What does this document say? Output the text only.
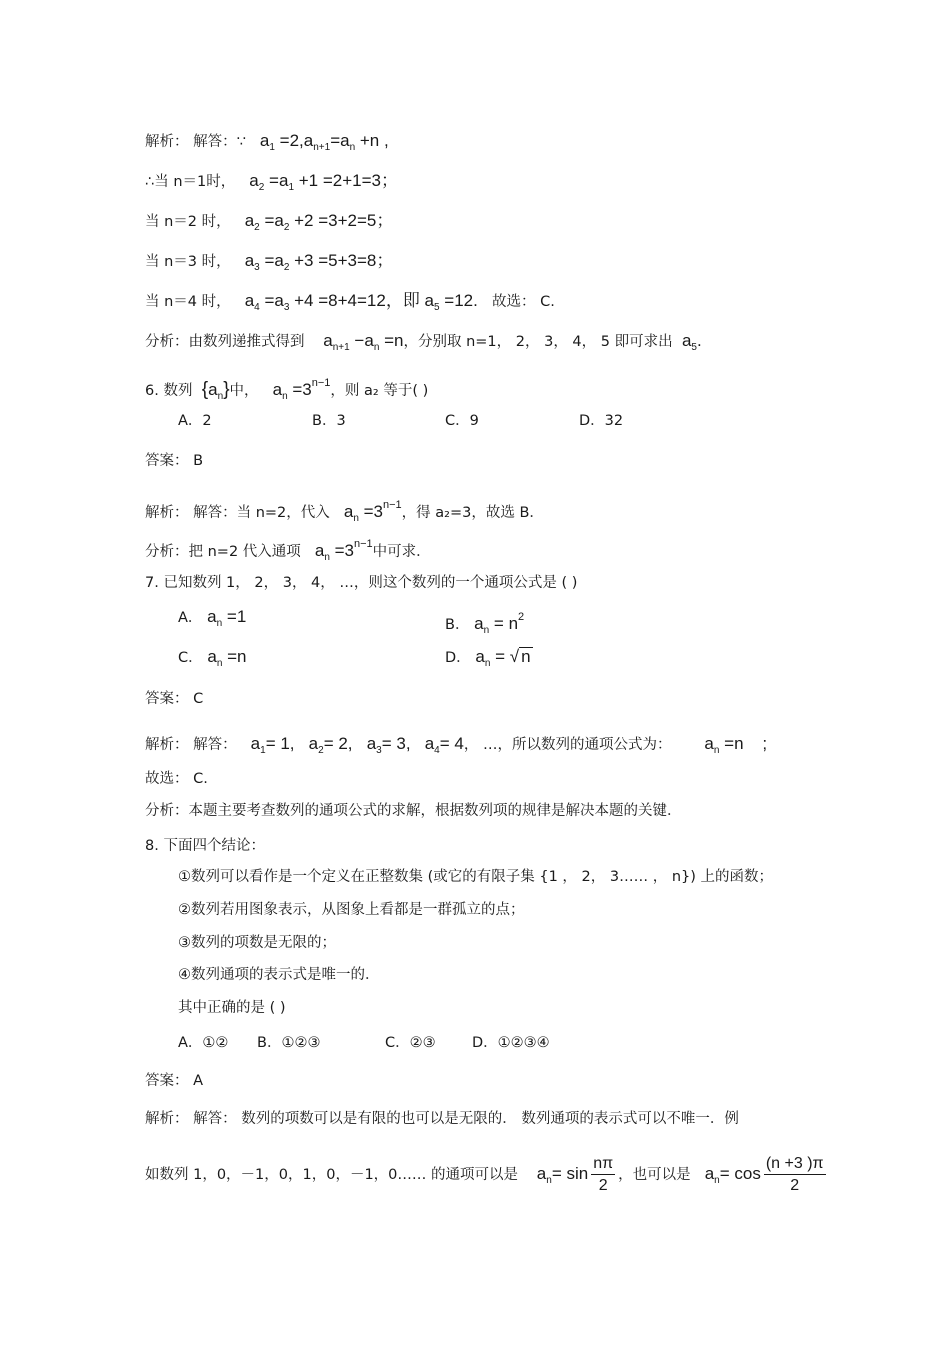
解析： 解答：∵   $a_1 =2,a_{n+1}=a_n +n$ ,
∴当 n＝1时，   $a_2 =a_1 +1 =2+1=3$；
当 n＝2 时，   $a_2 =a_2 +2 =3+2=5$；
当 n＝3 时，   $a_3 =a_2 +3 =5+3=8$；
当 n＝4 时，   $a_4 =a_3 +4 =8+4=12$，即 $a_5 =12$.   故选： C.
分析：由数列递推式得到    $a_{n+1} -a_n =n$，分别取 n=1， 2， 3， 4， 5 即可求出  $a_5$.
6. 数列 $\{a_n\}$中，   $a_n =3^{n-1}$，则 a₂ 等于( )
A．2	B．3	C．9	D．32
答案： B
解析： 解答：当 n=2，代入   $a_n =3^{n-1}$，得 a₂=3，故选 B．
分析：把 n=2 代入通项   $a_n =3^{n-1}$中可求．
7. 已知数列 1， 2， 3， 4， …，则这个数列的一个通项公式是 ( )
A． $a_n =1$	B． $a_n = n^2$
C． $a_n =n$	D． $a_n$ = √ n
答案： C
解析： 解答：   $a_1= 1$,   $a_2= 2$,   $a_3= 3$,   $a_4= 4$， …，所以数列的通项公式为：       $a_n =n$    ;
故选： C.
分析：本题主要考查数列的通项公式的求解，根据数列项的规律是解决本题的关键．
8. 下面四个结论：
①数列可以看作是一个定义在正整数集 (或它的有限子集 {1 ， 2， 3…… ， n}) 上的函数；
②数列若用图象表示，从图象上看都是一群孤立的点；
③数列的项数是无限的；
④数列通项的表示式是唯一的．
其中正确的是 ( )
A．①② B．①②③	C．②③	D．①②③④
答案： A
解析： 解答： 数列的项数可以是有限的也可以是无限的． 数列通项的表示式可以不唯一．例
如数列 1，0，－1，0，1，0，－1，0…… 的通项可以是    $a_n= \sin \frac{n\pi}{2}$ ，也可以是   $a_n= \cos \frac{(n +3 )\pi}{2}$
